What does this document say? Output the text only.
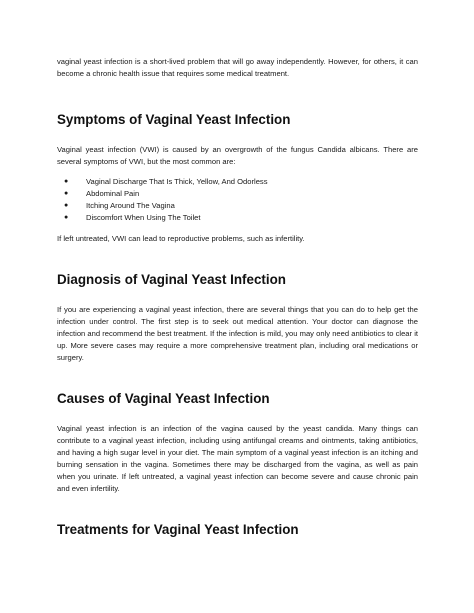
vaginal yeast infection is a short-lived problem that will go away independently. However, for others, it can become a chronic health issue that requires some medical treatment.

Symptoms of Vaginal Yeast Infection

Vaginal yeast infection (VWI) is caused by an overgrowth of the fungus Candida albicans. There are several symptoms of VWI, but the most common are:

● Vaginal Discharge That Is Thick, Yellow, And Odorless
● Abdominal Pain
● Itching Around The Vagina
● Discomfort When Using The Toilet

If left untreated, VWI can lead to reproductive problems, such as infertility.

Diagnosis of Vaginal Yeast Infection

If you are experiencing a vaginal yeast infection, there are several things that you can do to help get the infection under control. The first step is to seek out medical attention. Your doctor can diagnose the infection and recommend the best treatment. If the infection is mild, you may only need antibiotics to clear it up. More severe cases may require a more comprehensive treatment plan, including oral medications or surgery.

Causes of Vaginal Yeast Infection

Vaginal yeast infection is an infection of the vagina caused by the yeast candida. Many things can contribute to a vaginal yeast infection, including using antifungal creams and ointments, taking antibiotics, and having a high sugar level in your diet. The main symptom of a vaginal yeast infection is an itching and burning sensation in the vagina. Sometimes there may be discharged from the vagina, as well as pain when you urinate. If left untreated, a vaginal yeast infection can become severe and cause chronic pain and even infertility.

Treatments for Vaginal Yeast Infection
